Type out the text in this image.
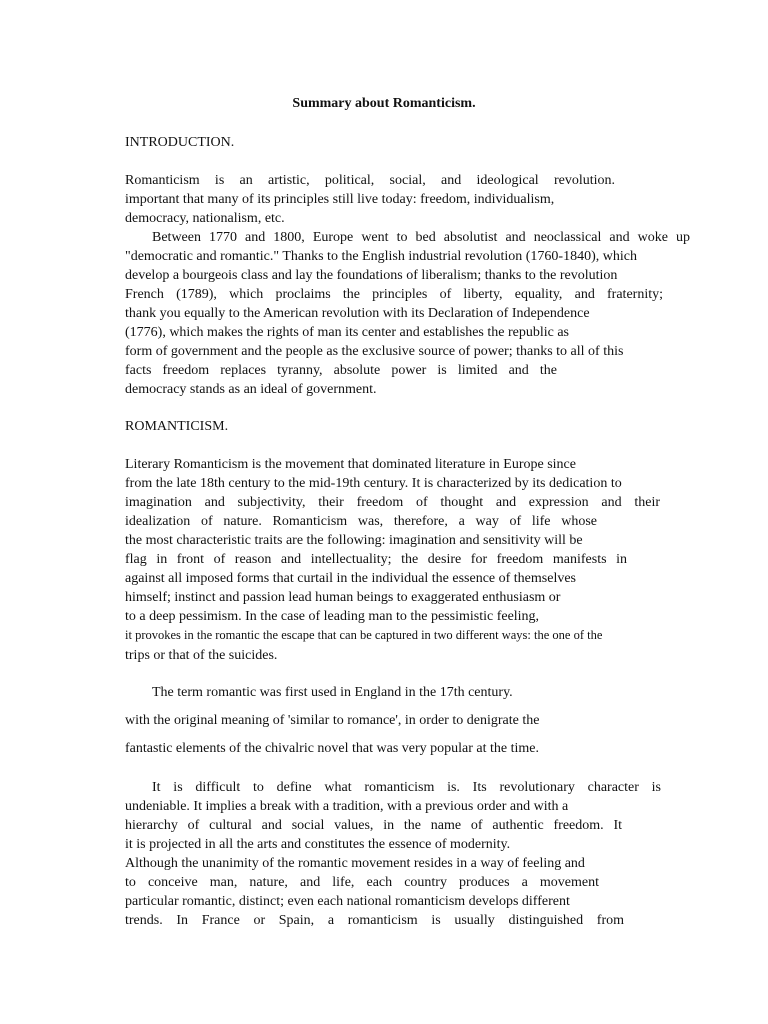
Summary about Romanticism.
INTRODUCTION.
Romanticism is an artistic, political, social, and ideological revolution.
important that many of its principles still live today: freedom, individualism,
democracy, nationalism, etc.
Between 1770 and 1800, Europe went to bed absolutist and neoclassical and woke up
"democratic and romantic." Thanks to the English industrial revolution (1760-1840), which
develop a bourgeois class and lay the foundations of liberalism; thanks to the revolution
French (1789), which proclaims the principles of liberty, equality, and fraternity;
thank you equally to the American revolution with its Declaration of Independence
(1776), which makes the rights of man its center and establishes the republic as
form of government and the people as the exclusive source of power; thanks to all of this
facts freedom replaces tyranny, absolute power is limited and the
democracy stands as an ideal of government.
ROMANTICISM.
Literary Romanticism is the movement that dominated literature in Europe since
from the late 18th century to the mid-19th century. It is characterized by its dedication to
imagination and subjectivity, their freedom of thought and expression and their
idealization of nature. Romanticism was, therefore, a way of life whose
the most characteristic traits are the following: imagination and sensitivity will be
flag in front of reason and intellectuality; the desire for freedom manifests in
against all imposed forms that curtail in the individual the essence of themselves
himself; instinct and passion lead human beings to exaggerated enthusiasm or
to a deep pessimism. In the case of leading man to the pessimistic feeling,
it provokes in the romantic the escape that can be captured in two different ways: the one of the
trips or that of the suicides.
The term romantic was first used in England in the 17th century.
with the original meaning of 'similar to romance', in order to denigrate the
fantastic elements of the chivalric novel that was very popular at the time.
It is difficult to define what romanticism is. Its revolutionary character is
undeniable. It implies a break with a tradition, with a previous order and with a
hierarchy of cultural and social values, in the name of authentic freedom. It
it is projected in all the arts and constitutes the essence of modernity.
Although the unanimity of the romantic movement resides in a way of feeling and
to conceive man, nature, and life, each country produces a movement
particular romantic, distinct; even each national romanticism develops different
trends. In France or Spain, a romanticism is usually distinguished from
